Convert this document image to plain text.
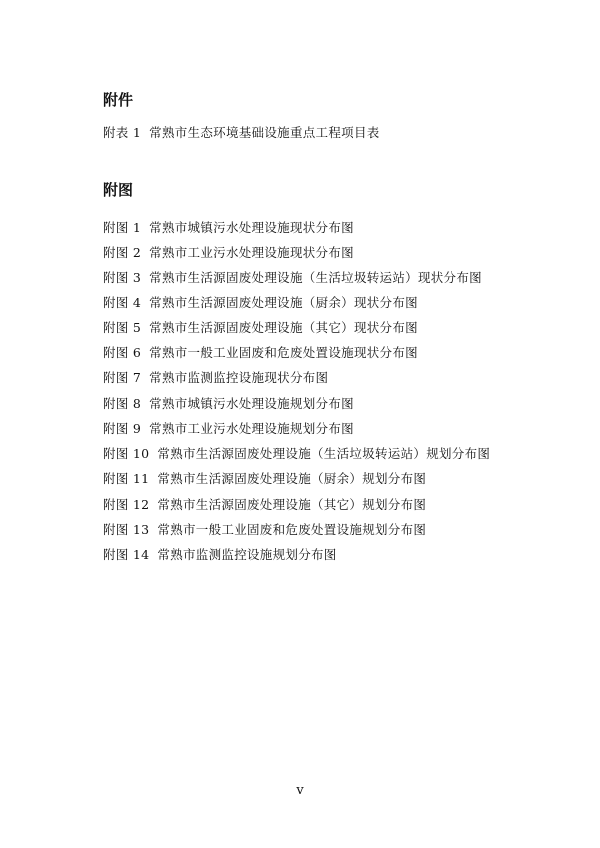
附件
附表 1 常熟市生态环境基础设施重点工程项目表
附图
附图 1 常熟市城镇污水处理设施现状分布图
附图 2 常熟市工业污水处理设施现状分布图
附图 3 常熟市生活源固废处理设施（生活垃圾转运站）现状分布图
附图 4 常熟市生活源固废处理设施（厨余）现状分布图
附图 5 常熟市生活源固废处理设施（其它）现状分布图
附图 6 常熟市一般工业固废和危废处置设施现状分布图
附图 7 常熟市监测监控设施现状分布图
附图 8 常熟市城镇污水处理设施规划分布图
附图 9 常熟市工业污水处理设施规划分布图
附图 10 常熟市生活源固废处理设施（生活垃圾转运站）规划分布图
附图 11 常熟市生活源固废处理设施（厨余）规划分布图
附图 12 常熟市生活源固废处理设施（其它）规划分布图
附图 13 常熟市一般工业固废和危废处置设施规划分布图
附图 14 常熟市监测监控设施规划分布图
v
